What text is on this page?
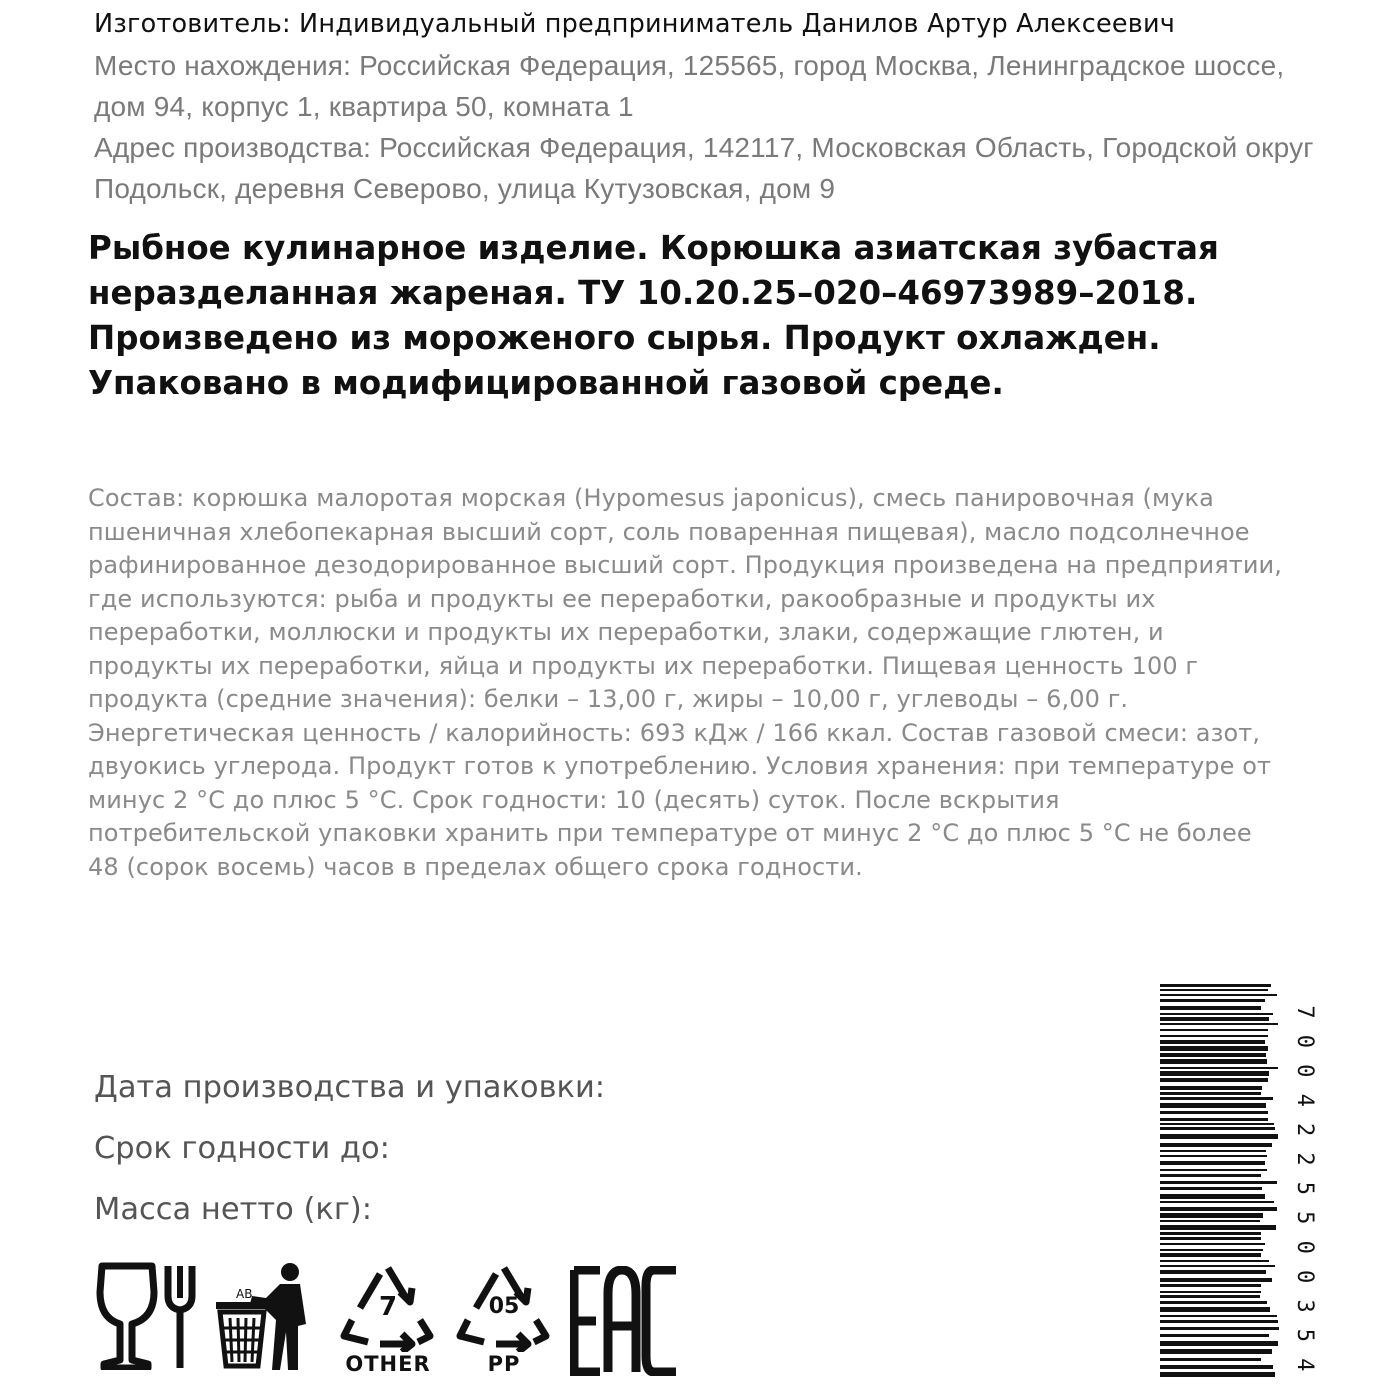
Изготовитель: Индивидуальный предприниматель Данилов Артур Алексеевич

Место нахождения: Российская Федерация, 125565, город Москва, Ленинградское шоссе, дом 94, корпус 1, квартира 50, комната 1

Адрес производства: Российская Федерация, 142117, Московская Область, Городской округ Подольск, деревня Северово, улица Кутузовская, дом 9

Рыбное кулинарное изделие. Корюшка азиатская зубастая неразделанная жареная. ТУ 10.20.25–020–46973989–2018. Произведено из мороженого сырья. Продукт охлажден. Упаковано в модифицированной газовой среде.

Состав: корюшка малоротая морская (Hypomesus japonicus), смесь панировочная (мука пшеничная хлебопекарная высший сорт, соль поваренная пищевая), масло подсолнечное рафинированное дезодорированное высший сорт. Продукция произведена на предприятии, где используются: рыба и продукты ее переработки, ракообразные и продукты их переработки, моллюски и продукты их переработки, злаки, содержащие глютен, и продукты их переработки, яйца и продукты их переработки. Пищевая ценность 100 г продукта (средние значения): белки – 13,00 г, жиры – 10,00 г, углеводы – 6,00 г. Энергетическая ценность / калорийность: 693 кДж / 166 ккал. Состав газовой смеси: азот, двуокись углерода. Продукт готов к употреблению. Условия хранения: при температуре от минус 2 °С до плюс 5 °С. Срок годности: 10 (десять) суток. После вскрытия потребительской упаковки хранить при температуре от минус 2 °С до плюс 5 °С не более 48 (сорок восемь) часов в пределах общего срока годности.

Дата производства и упаковки:
Срок годности до:
Масса нетто (кг):
AB	7
OTHER
05
PP
7
0
0
4
2
2
5
5
0
0
3
5
4
